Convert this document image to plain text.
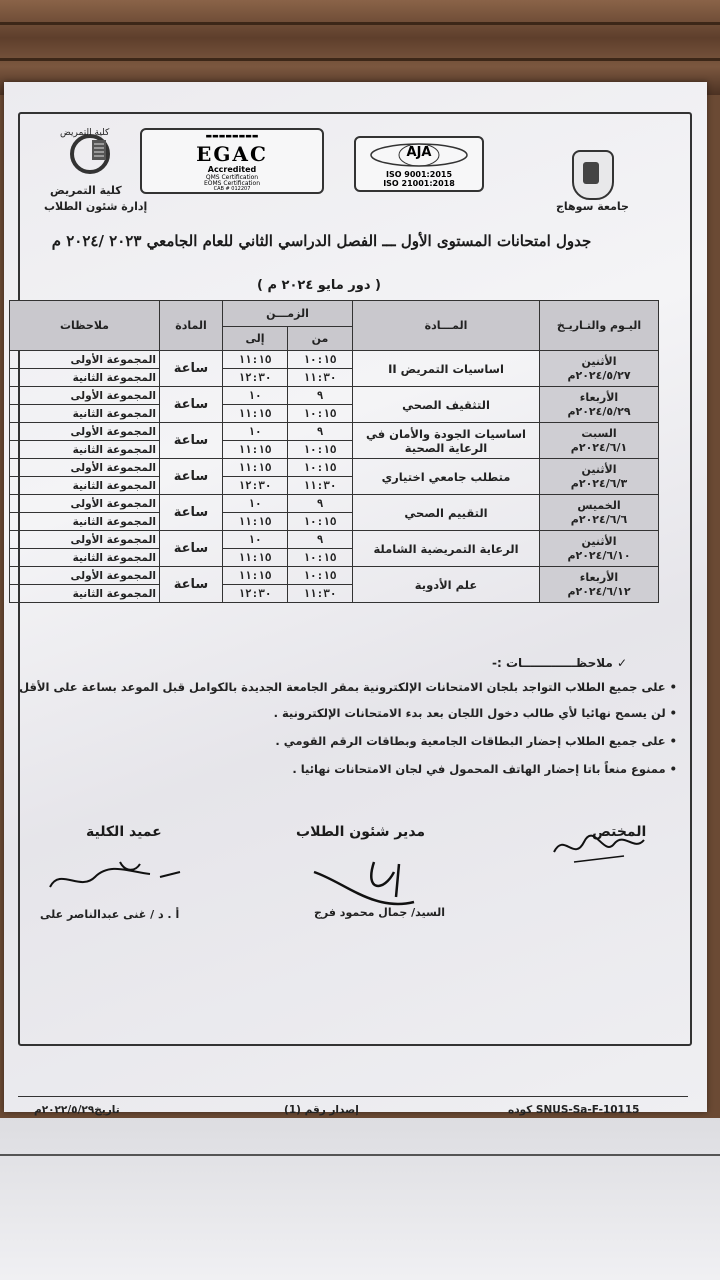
كلية التمريض
كلية التمريض
إدارة شئون الطلاب
▬▬▬▬▬▬▬▬
EGAC
Accredited
QMS Certification
EOMS Certification
CAB # 012207
AJA
ISO 9001:2015
ISO 21001:2018
جامعة سوهاج
جدول امتحانات المستوى الأول ـــ الفصل الدراسي الثاني للعام الجامعي ٢٠٢٣ /٢٠٢٤ م
( دور مايو ٢٠٢٤ م )
اليـوم والتـاريـخ	المـــادة	الزمـــن		المادة	ملاحظات
		من	إلى		

الأثنين
٢٠٢٤/٥/٢٧م	اساسيات التمريض II	١٠:١٥	١١:١٥	ساعة	المجموعة الأولى
		١١:٣٠	١٢:٣٠		المجموعة الثانية

الأربعاء
٢٠٢٤/٥/٢٩م	التثقيف الصحي	٩	١٠	ساعة	المجموعة الأولى
		١٠:١٥	١١:١٥		المجموعة الثانية

السبت
٢٠٢٤/٦/١م	اساسيات الجودة والأمان في الرعاية الصحية	٩	١٠	ساعة	المجموعة الأولى
		١٠:١٥	١١:١٥		المجموعة الثانية

الأثنين
٢٠٢٤/٦/٣م	متطلب جامعي اختياري	١٠:١٥	١١:١٥	ساعة	المجموعة الأولى
		١١:٣٠	١٢:٣٠		المجموعة الثانية

الخميس
٢٠٢٤/٦/٦م	التقييم الصحي	٩	١٠	ساعة	المجموعة الأولى
		١٠:١٥	١١:١٥		المجموعة الثانية

الأثنين
٢٠٢٤/٦/١٠م	الرعاية التمريضية الشاملة	٩	١٠	ساعة	المجموعة الأولى
		١٠:١٥	١١:١٥		المجموعة الثانية

الأربعاء
٢٠٢٤/٦/١٢م	علم الأدوية	١٠:١٥	١١:١٥	ساعة	المجموعة الأولى
		١١:٣٠	١٢:٣٠		المجموعة الثانية
✓ ملاحظـــــــــــــات :-
• على جميع الطلاب التواجد بلجان الامتحانات الإلكترونية بمقر الجامعة الجديدة بالكوامل قبل الموعد بساعة على الأقل
• لن يسمح نهائيا لأي طالب دخول اللجان بعد بدء الامتحانات الإلكترونية .
• على جميع الطلاب إحضار البطاقات الجامعية وبطاقات الرقم القومي .
• ممنوع منعاً باتا إحضار الهاتف المحمول في لجان الامتحانات نهائيا .
المختص
مدير شئون الطلاب
عميد الكلية
السيد/ جمال محمود فرج
أ . د / غنى عبدالناصر على
كوده SNUS-Sa-F-10115
إصدار رقم (1)
تاريخ٢٠٢٢/٥/٢٩م
